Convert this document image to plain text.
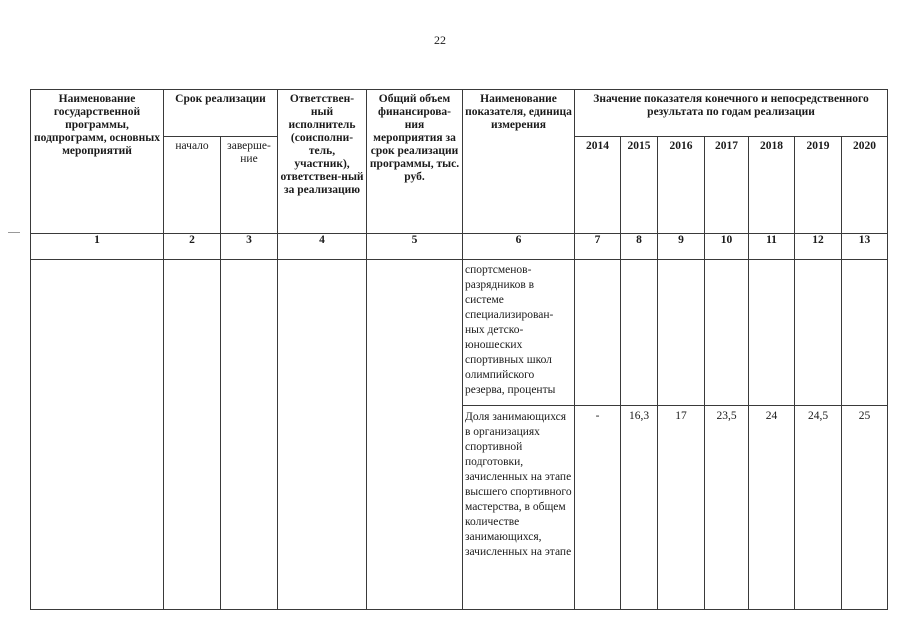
22
Наименование государственной программы, подпрограмм, основных мероприятий	Срок реализации		Ответствен-ный исполнитель (соисполни-тель, участник), ответствен-ный за реализацию	Общий объем финансирова-ния мероприятия за срок реализации программы, тыс. руб.	Наименование показателя, единица измерения	Значение показателя конечного и непосредственного результата по годам реализации						
	начало	заверше-ние				2014	2015	2016	2017	2018	2019	2020
1	2	3	4	5	6	7	8	9	10	11	12	13
					спортсменов-разрядников в системе специализирован-ных детско-юношеских спортивных школ олимпийского резерва, проценты							
					Доля занимающихся в организациях спортивной подготовки, зачисленных на этапе высшего спортивного мастерства, в общем количестве занимающихся, зачисленных на этапе	-	16,3	17	23,5	24	24,5	25
